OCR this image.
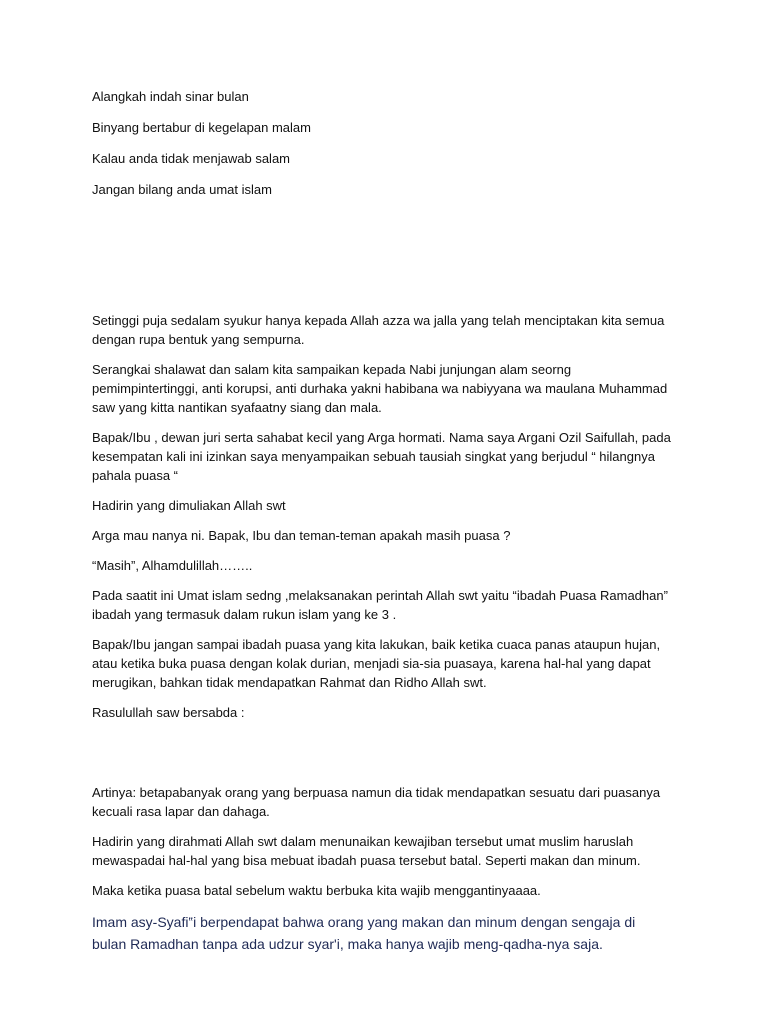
Alangkah indah sinar bulan

Binyang bertabur di kegelapan malam

Kalau anda tidak menjawab salam

Jangan bilang anda umat islam

Setinggi puja sedalam syukur hanya kepada Allah azza wa jalla yang telah menciptakan kita semua
dengan rupa bentuk yang sempurna.

Serangkai shalawat dan salam kita sampaikan kepada Nabi junjungan alam seorng
pemimpintertinggi, anti korupsi, anti durhaka yakni habibana wa nabiyyana wa maulana Muhammad
saw yang kitta nantikan syafaatny siang dan mala.

Bapak/Ibu , dewan juri serta sahabat kecil yang Arga hormati. Nama saya Argani Ozil Saifullah, pada
kesempatan kali ini izinkan saya menyampaikan sebuah tausiah singkat yang berjudul “ hilangnya
pahala puasa “

Hadirin yang dimuliakan Allah swt

Arga mau nanya ni. Bapak, Ibu dan teman-teman apakah masih puasa ?

“Masih”, Alhamdulillah……..

Pada saatit ini Umat islam sedng ,melaksanakan perintah Allah swt yaitu “ibadah Puasa Ramadhan”
ibadah yang termasuk dalam rukun islam yang ke 3 .

Bapak/Ibu jangan sampai ibadah puasa yang kita lakukan, baik ketika cuaca panas ataupun hujan,
atau ketika buka puasa dengan kolak durian, menjadi sia-sia puasaya, karena hal-hal yang dapat
merugikan, bahkan tidak mendapatkan Rahmat dan Ridho Allah swt.

Rasulullah saw bersabda :

Artinya: betapabanyak orang yang berpuasa namun dia tidak mendapatkan sesuatu dari puasanya
kecuali rasa lapar dan dahaga.

Hadirin yang dirahmati Allah swt dalam menunaikan kewajiban tersebut umat muslim haruslah
mewaspadai hal-hal yang bisa mebuat ibadah puasa tersebut batal. Seperti makan dan minum.

Maka ketika puasa batal sebelum waktu berbuka kita wajib menggantinyaaaa.

Imam asy-Syafi‟i berpendapat bahwa orang yang makan dan minum dengan sengaja di
bulan Ramadhan tanpa ada udzur syar'i, maka hanya wajib meng-qadha-nya saja.
